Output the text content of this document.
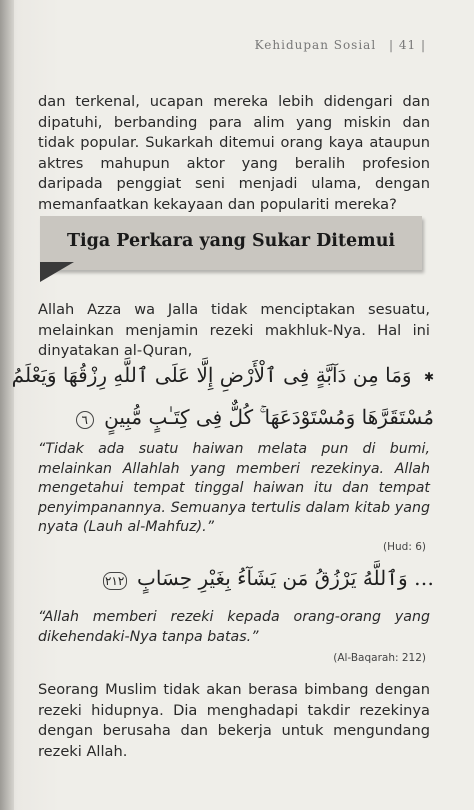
Kehidupan Sosial | 41 |

dan terkenal, ucapan mereka lebih didengari dan dipatuhi, berbanding para alim yang miskin dan tidak popular. Sukarkah ditemui orang kaya ataupun aktres mahupun aktor yang beralih profesion daripada penggiat seni menjadi ulama, dengan memanfaatkan kekayaan dan populariti mereka?

Tiga Perkara yang Sukar Ditemui

Allah Azza wa Jalla tidak menciptakan sesuatu, melainkan menjamin rezeki makhluk-Nya. Hal ini dinyatakan al-Quran,

✱ وَمَا مِن دَآبَّةٍ فِى ٱلْأَرْضِ إِلَّا عَلَى ٱللَّهِ رِزْقُهَا وَيَعْلَمُ
مُسْتَقَرَّهَا وَمُسْتَوْدَعَهَا ۚ كُلٌّ فِى كِتَـٰبٍ مُّبِينٍ ٦

“Tidak ada suatu haiwan melata pun di bumi, melainkan Allahlah yang memberi rezekinya. Allah mengetahui tempat tinggal haiwan itu dan tempat penyimpanannya. Semuanya tertulis dalam kitab yang nyata (Lauh al-Mahfuz).”

(Hud: 6)
… وَٱللَّهُ يَرْزُقُ مَن يَشَآءُ بِغَيْرِ حِسَابٍ ٢١٢

“Allah memberi rezeki kepada orang-orang yang dikehendaki-Nya tanpa batas.”

(Al-Baqarah: 212)

Seorang Muslim tidak akan berasa bimbang dengan rezeki hidupnya. Dia menghadapi takdir rezekinya dengan berusaha dan bekerja untuk mengundang rezeki Allah.
